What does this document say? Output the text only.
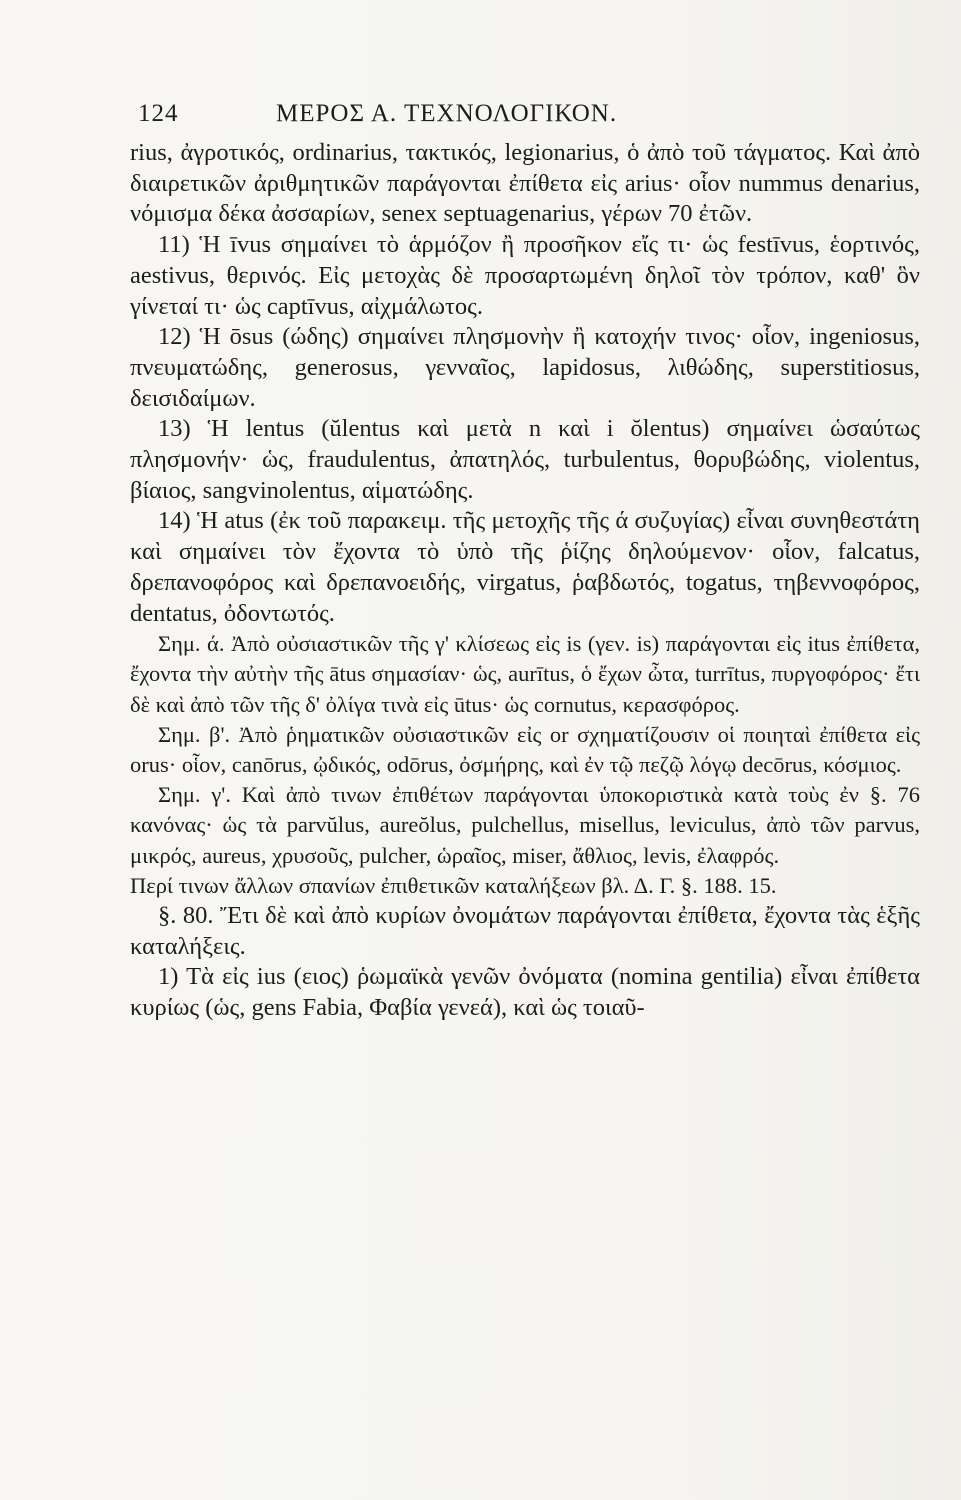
124	ΜΕΡΟΣ Α. ΤΕΧΝΟΛΟΓΙΚΟΝ.

rius, ἀγροτικός, ordinarius, τακτικός, legionarius, ὁ ἀπὸ τοῦ τάγματος. Καὶ ἀπὸ διαιρετικῶν ἀριθμητικῶν παράγονται ἐπίθετα εἰς arius· οἷον nummus denarius, νόμισμα δέκα ἀσσαρίων, senex septuagenarius, γέρων 70 ἐτῶν.

11) Ἡ īvus σημαίνει τὸ ἁρμόζον ἢ προσῆκον εἴς τι· ὡς festīvus, ἑορτινός, aestivus, θερινός. Εἰς μετοχὰς δὲ προσαρτωμένη δηλοῖ τὸν τρόπον, καθ' ὃν γίνεταί τι· ὡς captīvus, αἰχμάλωτος.

12) Ἡ ōsus (ώδης) σημαίνει πλησμονὴν ἢ κατοχήν τινος· οἷον, ingeniosus, πνευματώδης, generosus, γενναῖος, lapidosus, λιθώδης, superstitiosus, δεισιδαίμων.

13) Ἡ lentus (ŭlentus καὶ μετὰ n καὶ i ŏlentus) σημαίνει ὡσαύτως πλησμονήν· ὡς, fraudulentus, ἀπατηλός, turbulentus, θορυβώδης, violentus, βίαιος, sangvinolentus, αἱματώδης.

14) Ἡ atus (ἐκ τοῦ παρακειμ. τῆς μετοχῆς τῆς ά συζυγίας) εἶναι συνηθεστάτη καὶ σημαίνει τὸν ἔχοντα τὸ ὑπὸ τῆς ῥίζης δηλούμενον· οἷον, falcatus, δρεπανοφόρος καὶ δρεπανοειδής, virgatus, ῥαβδωτός, togatus, τηβεννοφόρος, dentatus, ὀδοντωτός.

Σημ. ά. Ἀπὸ οὐσιαστικῶν τῆς γ' κλίσεως εἰς is (γεν. is) παράγονται εἰς itus ἐπίθετα, ἔχοντα τὴν αὐτὴν τῆς ātus σημασίαν· ὡς, aurītus, ὁ ἔχων ὦτα, turrītus, πυργοφόρος· ἔτι δὲ καὶ ἀπὸ τῶν τῆς δ' ὀλίγα τινὰ εἰς ūtus· ὡς cornutus, κερασφόρος.

Σημ. β'. Ἀπὸ ῥηματικῶν οὐσιαστικῶν εἰς or σχηματίζουσιν οἱ ποιηταὶ ἐπίθετα εἰς orus· οἷον, canōrus, ᾠδικός, odōrus, ὀσμήρης, καὶ ἐν τῷ πεζῷ λόγῳ decōrus, κόσμιος.

Σημ. γ'. Καὶ ἀπὸ τινων ἐπιθέτων παράγονται ὑποκοριστικὰ κατὰ τοὺς ἐν §. 76 κανόνας· ὡς τὰ parvŭlus, aureŏlus, pulchellus, misellus, leviculus, ἀπὸ τῶν parvus, μικρός, aureus, χρυσοῦς, pulcher, ὡραῖος, miser, ἄθλιος, levis, ἐλαφρός.

Περί τινων ἄλλων σπανίων ἐπιθετικῶν καταλήξεων βλ. Δ. Γ. §. 188. 15.

§. 80. Ἔτι δὲ καὶ ἀπὸ κυρίων ὀνομάτων παράγονται ἐπίθετα, ἔχοντα τὰς ἑξῆς καταλήξεις.

1) Τὰ εἰς ius (ειος) ῥωμαϊκὰ γενῶν ὀνόματα (nomina gentilia) εἶναι ἐπίθετα κυρίως (ὡς, gens Fabia, Φαβία γενεά), καὶ ὡς τοιαῦ-
